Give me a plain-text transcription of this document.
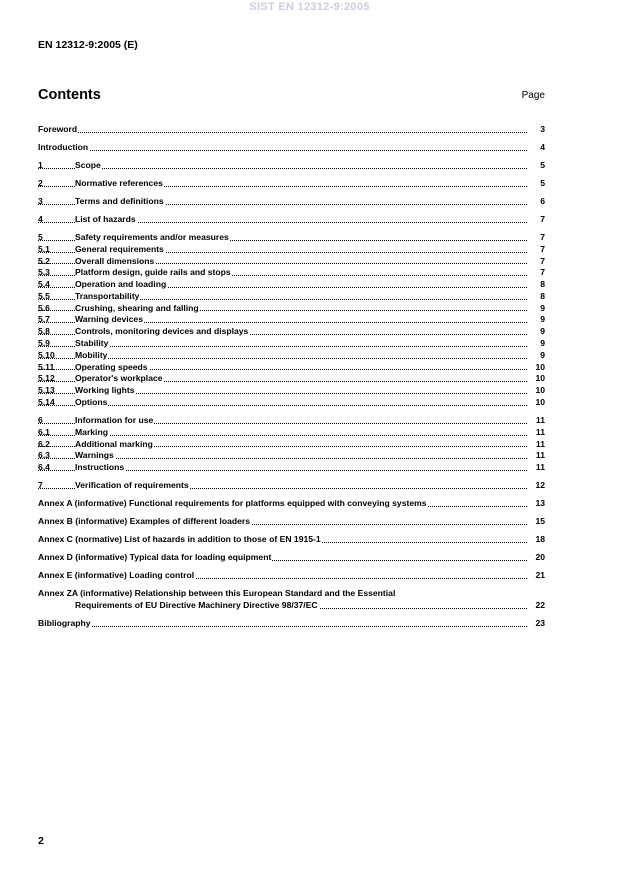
SIST EN 12312-9:2005
EN 12312-9:2005 (E)
Contents	Page
Foreword	3
Introduction	4
1	Scope	5
2	Normative references	5
3	Terms and definitions	6
4	List of hazards	7
5	Safety requirements and/or measures	7
5.1	General requirements	7
5.2	Overall dimensions	7
5.3	Platform design, guide rails and stops	7
5.4	Operation and loading	8
5.5	Transportability	8
5.6	Crushing, shearing and falling	9
5.7	Warning devices	9
5.8	Controls, monitoring devices and displays	9
5.9	Stability	9
5.10 Mobility	9
5.11 Operating speeds	10
5.12 Operator's workplace	10
5.13 Working lights	10
5.14 Options	10
6	Information for use	11
6.1	Marking	11
6.2	Additional marking	11
6.3	Warnings	11
6.4	Instructions	11
7	Verification of requirements	12
Annex A (informative) Functional requirements for platforms equipped with conveying systems	13
Annex B (informative) Examples of different loaders	15
Annex C (normative) List of hazards in addition to those of EN 1915-1	18
Annex D (informative) Typical data for loading equipment	20
Annex E (informative) Loading control	21
Annex ZA (informative) Relationship between this European Standard and the Essential
Requirements of EU Directive Machinery Directive 98/37/EC	22
Bibliography	23
2
